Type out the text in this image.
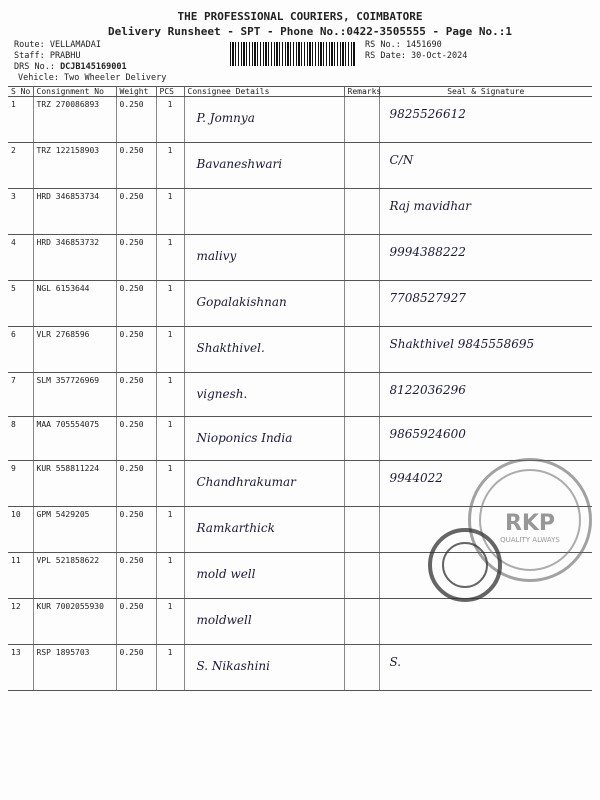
THE PROFESSIONAL COURIERS, COIMBATORE
Delivery Runsheet - SPT - Phone No.:0422-3505555 - Page No.:1
Route: VELLAMADAI
Staff: PRABHU
DRS No.: DCJB145169001
Vehicle: Two Wheeler Delivery
RS No.: 1451690
RS Date: 30-Oct-2024
S No	Consignment No	Weight	PCS	Consignee Details	Remarks	Seal & Signature
1	TRZ 270086893	0.250	1	P. Jomnya		9825526612

2	TRZ 122158903	0.250	1	Bavaneshwari		C/N

3	HRD 346853734	0.250	1			Raj mavidhar

4	HRD 346853732	0.250	1	malivy		9994388222

5	NGL 6153644	0.250	1	Gopalakishnan		7708527927

6	VLR 2768596	0.250	1	Shakthivel.		Shakthivel 9845558695

7	SLM 357726969	0.250	1	vignesh.		8122036296

8	MAA 705554075	0.250	1	Nioponics India		9865924600

9	KUR 558811224	0.250	1	Chandhrakumar		9944022

10	GPM 5429205	0.250	1	Ramkarthick		

11	VPL 521858622	0.250	1	mold well		

12	KUR 7002055930	0.250	1	moldwell		

13	RSP 1895703	0.250	1	S. Nikashini		S.
RKP
QUALITY ALWAYS
